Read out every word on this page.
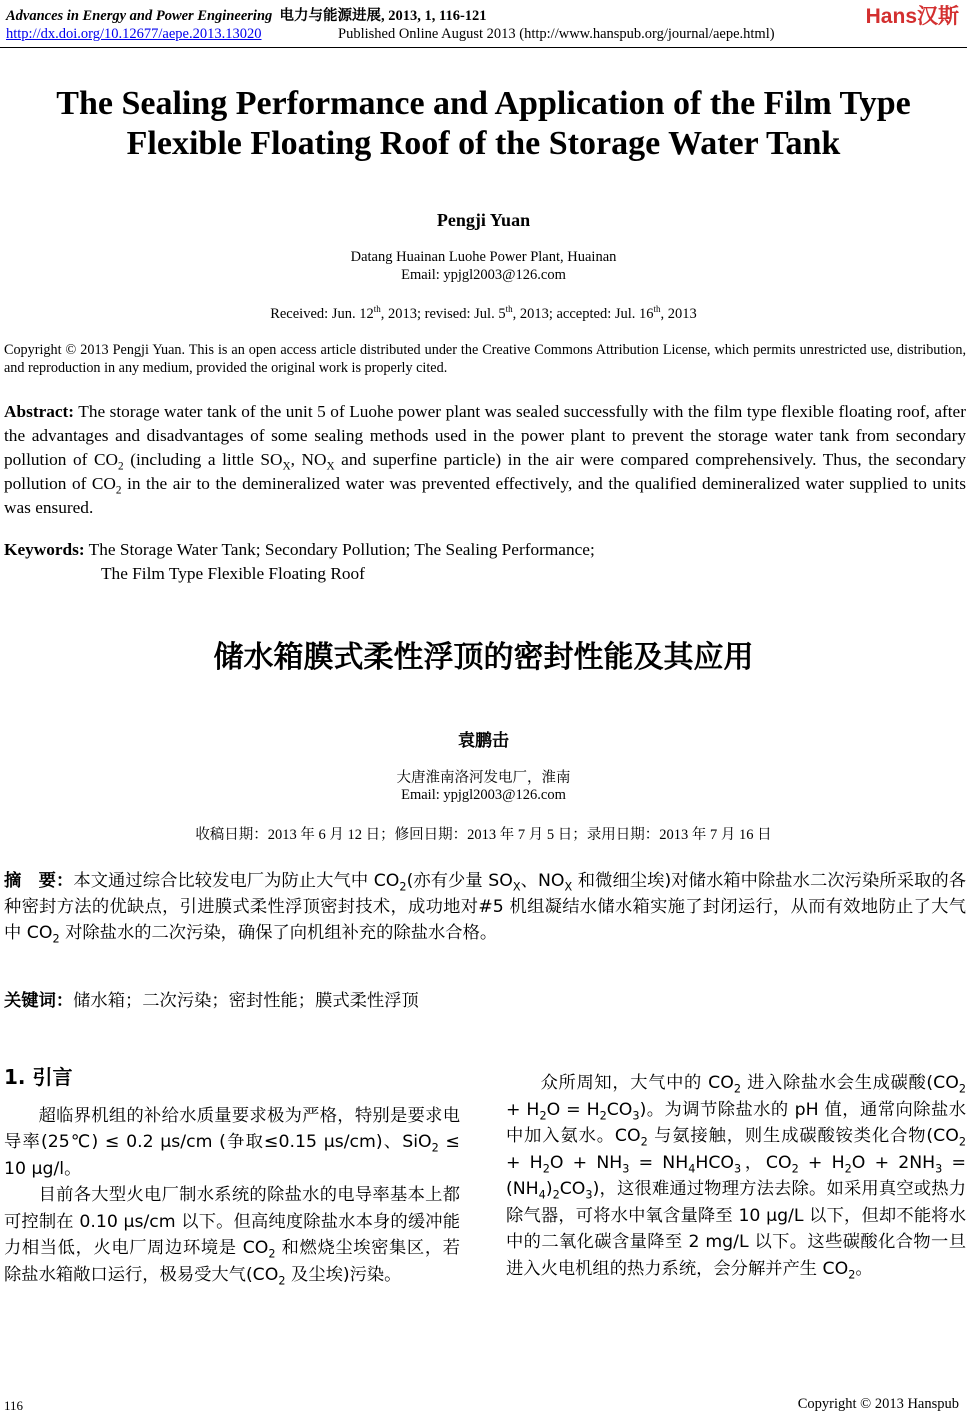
Advances in Energy and Power Engineering 电力与能源进展, 2013, 1, 116-121
http://dx.doi.org/10.12677/aepe.2013.13020	Published Online August 2013 (http://www.hanspub.org/journal/aepe.html)
Hans汉斯
The Sealing Performance and Application of the Film Type Flexible Floating Roof of the Storage Water Tank
Pengji Yuan
Datang Huainan Luohe Power Plant, Huainan
Email: ypjgl2003@126.com
Received: Jun. 12th, 2013; revised: Jul. 5th, 2013; accepted: Jul. 16th, 2013
Copyright © 2013 Pengji Yuan. This is an open access article distributed under the Creative Commons Attribution License, which permits unrestricted use, distribution, and reproduction in any medium, provided the original work is properly cited.
Abstract: The storage water tank of the unit 5 of Luohe power plant was sealed successfully with the film type flexible floating roof, after the advantages and disadvantages of some sealing methods used in the power plant to prevent the storage water tank from secondary pollution of $CO_2$ (including a little $SO_X$, $NO_X$ and superfine particle) in the air were compared comprehensively. Thus, the secondary pollution of $CO_2$ in the air to the demineralized water was prevented effectively, and the qualified demineralized water supplied to units was ensured.
Keywords: The Storage Water Tank; Secondary Pollution; The Sealing Performance;
The Film Type Flexible Floating Roof
储水箱膜式柔性浮顶的密封性能及其应用
袁鹏击
大唐淮南洛河发电厂，淮南
Email: ypjgl2003@126.com
收稿日期：2013 年 6 月 12 日；修回日期：2013 年 7 月 5 日；录用日期：2013 年 7 月 16 日
摘　要：本文通过综合比较发电厂为防止大气中 $CO_2$(亦有少量 $SO_X$、$NO_X$ 和微细尘埃)对储水箱中除盐水二次污染所采取的各种密封方法的优缺点，引进膜式柔性浮顶密封技术，成功地对#5 机组凝结水储水箱实施了封闭运行，从而有效地防止了大气中 $CO_2$ 对除盐水的二次污染，确保了向机组补充的除盐水合格。
关键词：储水箱；二次污染；密封性能；膜式柔性浮顶
1. 引言

超临界机组的补给水质量要求极为严格，特别是要求电导率(25℃) ≤ 0.2 μs/cm (争取≤0.15 μs/cm)、SiO$_2$ ≤ 10 μg/l。

目前各大型火电厂制水系统的除盐水的电导率基本上都可控制在 0.10 μs/cm 以下。但高纯度除盐水本身的缓冲能力相当低，火电厂周边环境是 $CO_2$ 和燃烧尘埃密集区，若除盐水箱敞口运行，极易受大气($CO_2$ 及尘埃)污染。

众所周知，大气中的 $CO_2$ 进入除盐水会生成碳酸$(CO_2 + H_2O = H_2CO_3)$。为调节除盐水的 pH 值，通常向除盐水中加入氨水。$CO_2$ 与氨接触，则生成碳酸铵类化合物($CO_2 + H_2O + NH_3 = NH_4HCO_3$，$CO_2 + H_2O + 2NH_3 = (NH_4)_2CO_3$)，这很难通过物理方法去除。如采用真空或热力除气器，可将水中氧含量降至 10 μg/L 以下，但却不能将水中的二氧化碳含量降至 2 mg/L 以下。这些碳酸化合物一旦进入火电机组的热力系统，会分解并产生 $CO_2$。

116	Copyright © 2013 Hanspub
